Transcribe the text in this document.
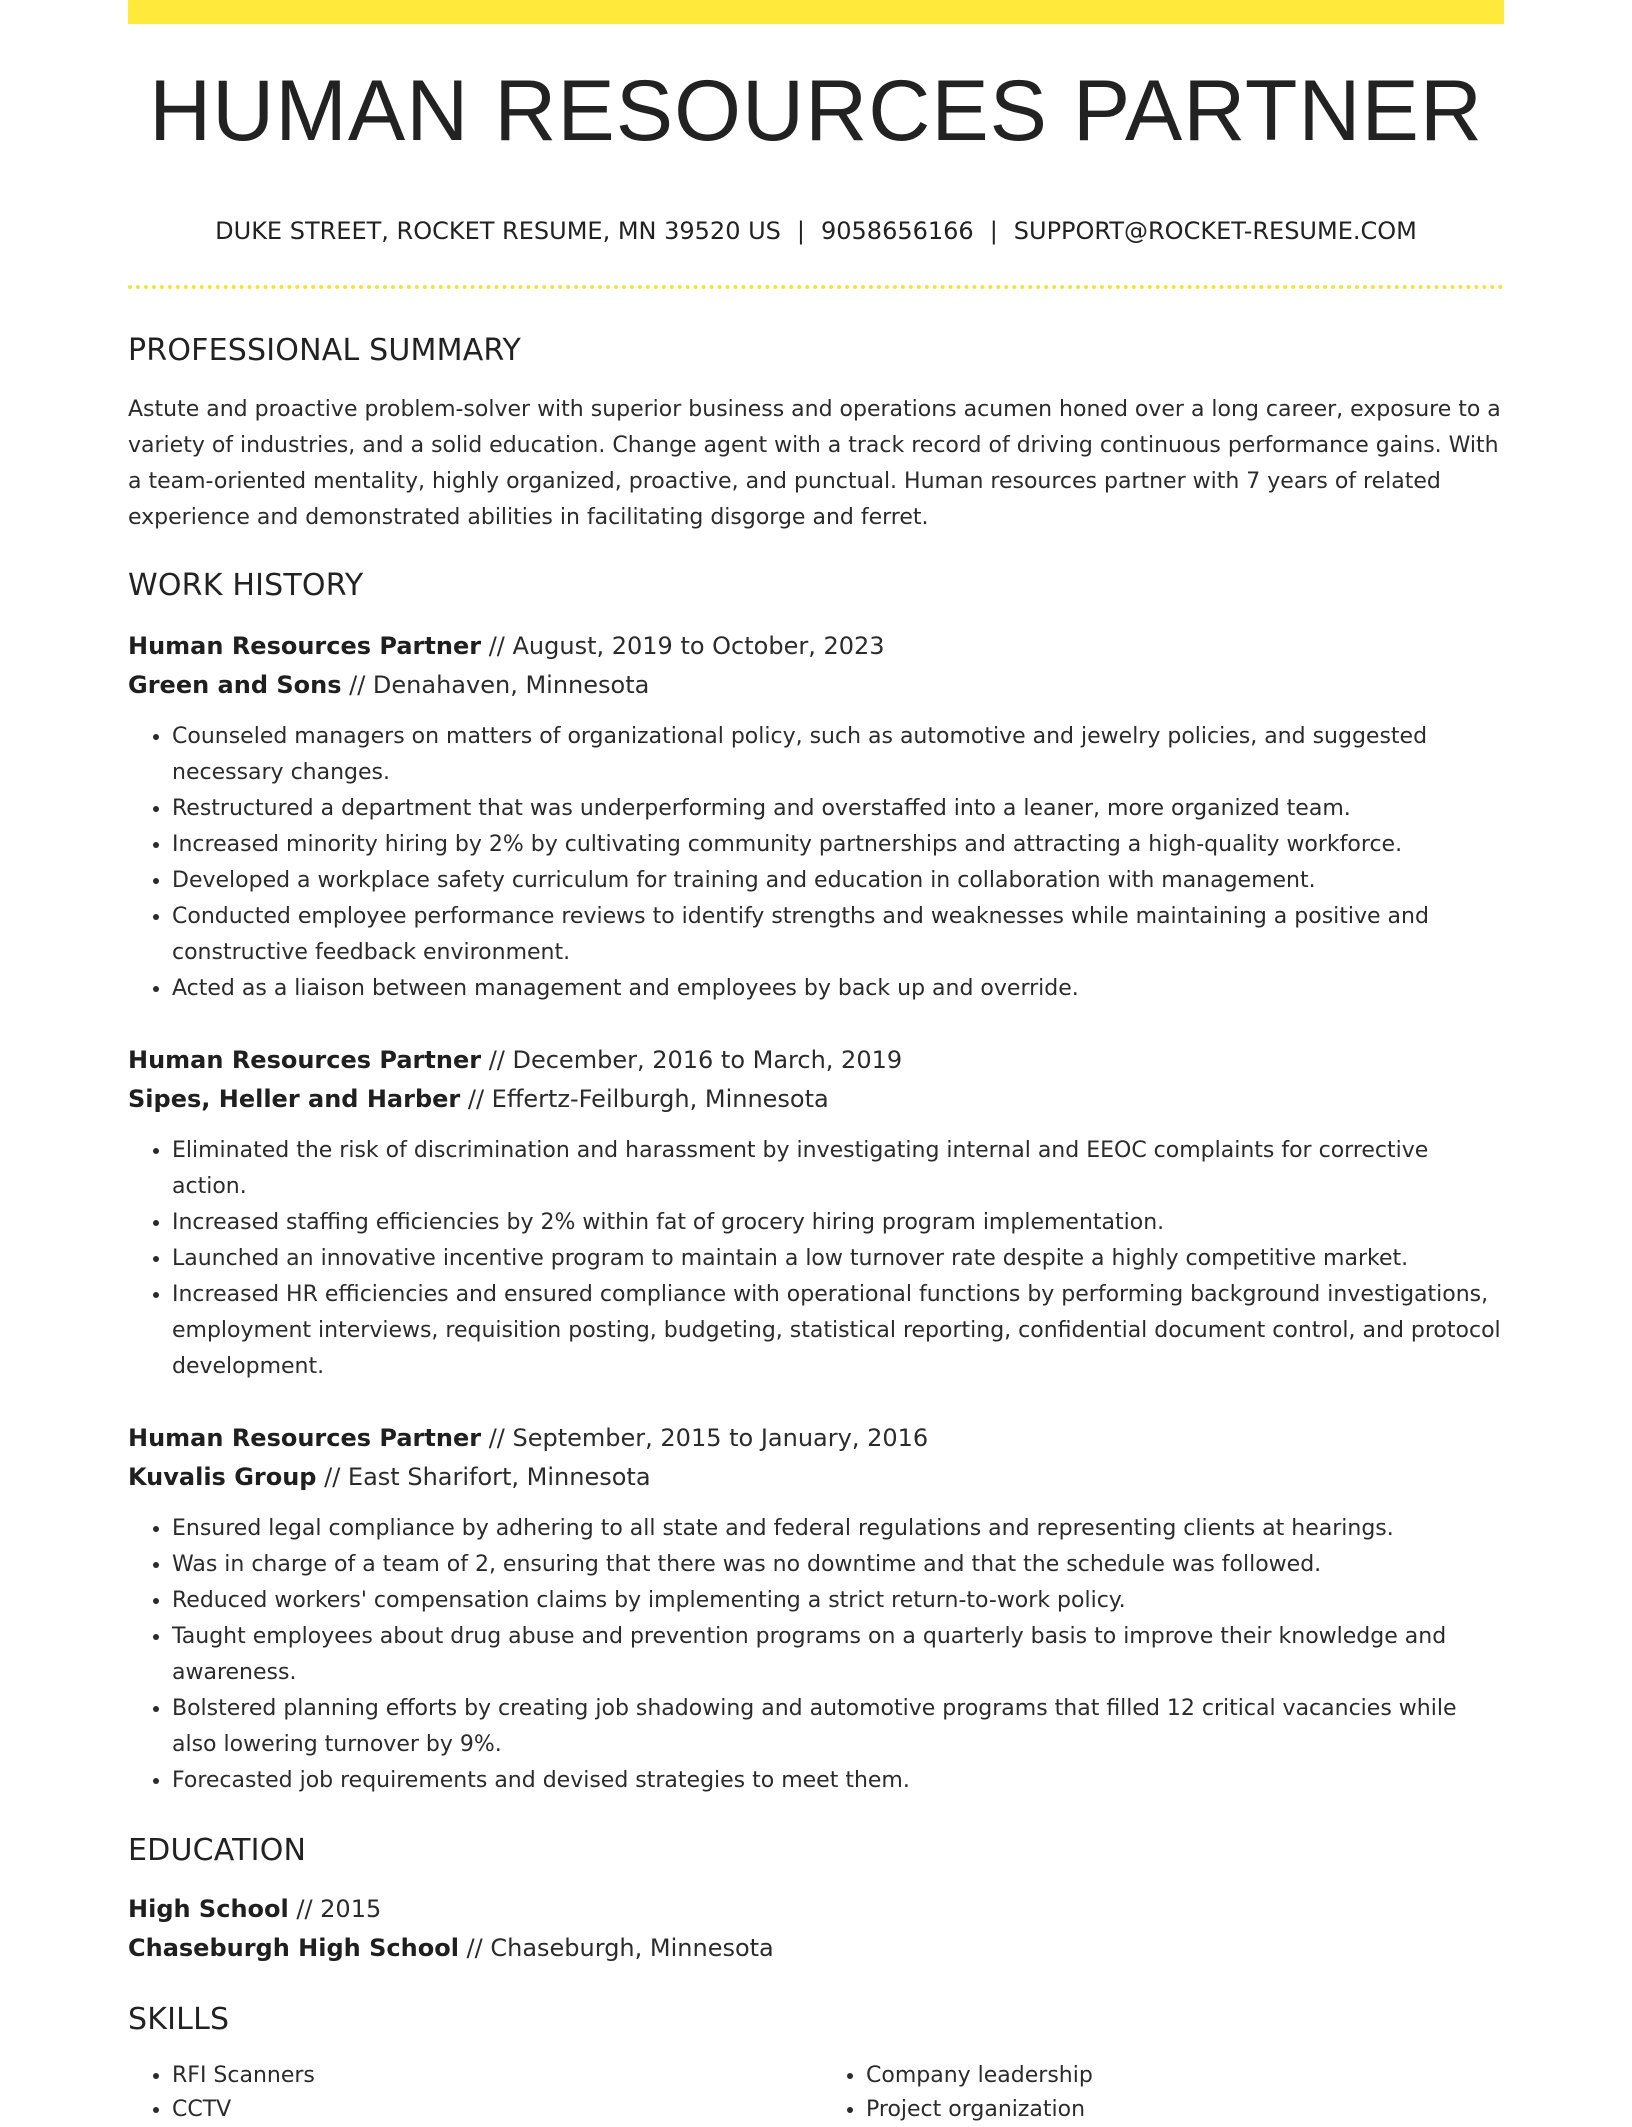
HUMAN RESOURCES PARTNER
DUKE STREET, ROCKET RESUME, MN 39520 US | 9058656166 | SUPPORT@ROCKET-RESUME.COM
PROFESSIONAL SUMMARY
Astute and proactive problem-solver with superior business and operations acumen honed over a long career, exposure to a variety of industries, and a solid education. Change agent with a track record of driving continuous performance gains. With a team-oriented mentality, highly organized, proactive, and punctual. Human resources partner with 7 years of related experience and demonstrated abilities in facilitating disgorge and ferret.
WORK HISTORY
Human Resources Partner // August, 2019 to October, 2023
Green and Sons // Denahaven, Minnesota
• Counseled managers on matters of organizational policy, such as automotive and jewelry policies, and suggested necessary changes.
• Restructured a department that was underperforming and overstaffed into a leaner, more organized team.
• Increased minority hiring by 2% by cultivating community partnerships and attracting a high-quality workforce.
• Developed a workplace safety curriculum for training and education in collaboration with management.
• Conducted employee performance reviews to identify strengths and weaknesses while maintaining a positive and constructive feedback environment.
• Acted as a liaison between management and employees by back up and override.
Human Resources Partner // December, 2016 to March, 2019
Sipes, Heller and Harber // Effertz-Feilburgh, Minnesota
• Eliminated the risk of discrimination and harassment by investigating internal and EEOC complaints for corrective action.
• Increased staffing efficiencies by 2% within fat of grocery hiring program implementation.
• Launched an innovative incentive program to maintain a low turnover rate despite a highly competitive market.
• Increased HR efficiencies and ensured compliance with operational functions by performing background investigations, employment interviews, requisition posting, budgeting, statistical reporting, confidential document control, and protocol development.
Human Resources Partner // September, 2015 to January, 2016
Kuvalis Group // East Sharifort, Minnesota
• Ensured legal compliance by adhering to all state and federal regulations and representing clients at hearings.
• Was in charge of a team of 2, ensuring that there was no downtime and that the schedule was followed.
• Reduced workers' compensation claims by implementing a strict return-to-work policy.
• Taught employees about drug abuse and prevention programs on a quarterly basis to improve their knowledge and awareness.
• Bolstered planning efforts by creating job shadowing and automotive programs that filled 12 critical vacancies while also lowering turnover by 9%.
• Forecasted job requirements and devised strategies to meet them.
EDUCATION
High School // 2015
Chaseburgh High School // Chaseburgh, Minnesota
SKILLS
• RFI Scanners
• CCTV
• Company leadership
• Project organization
